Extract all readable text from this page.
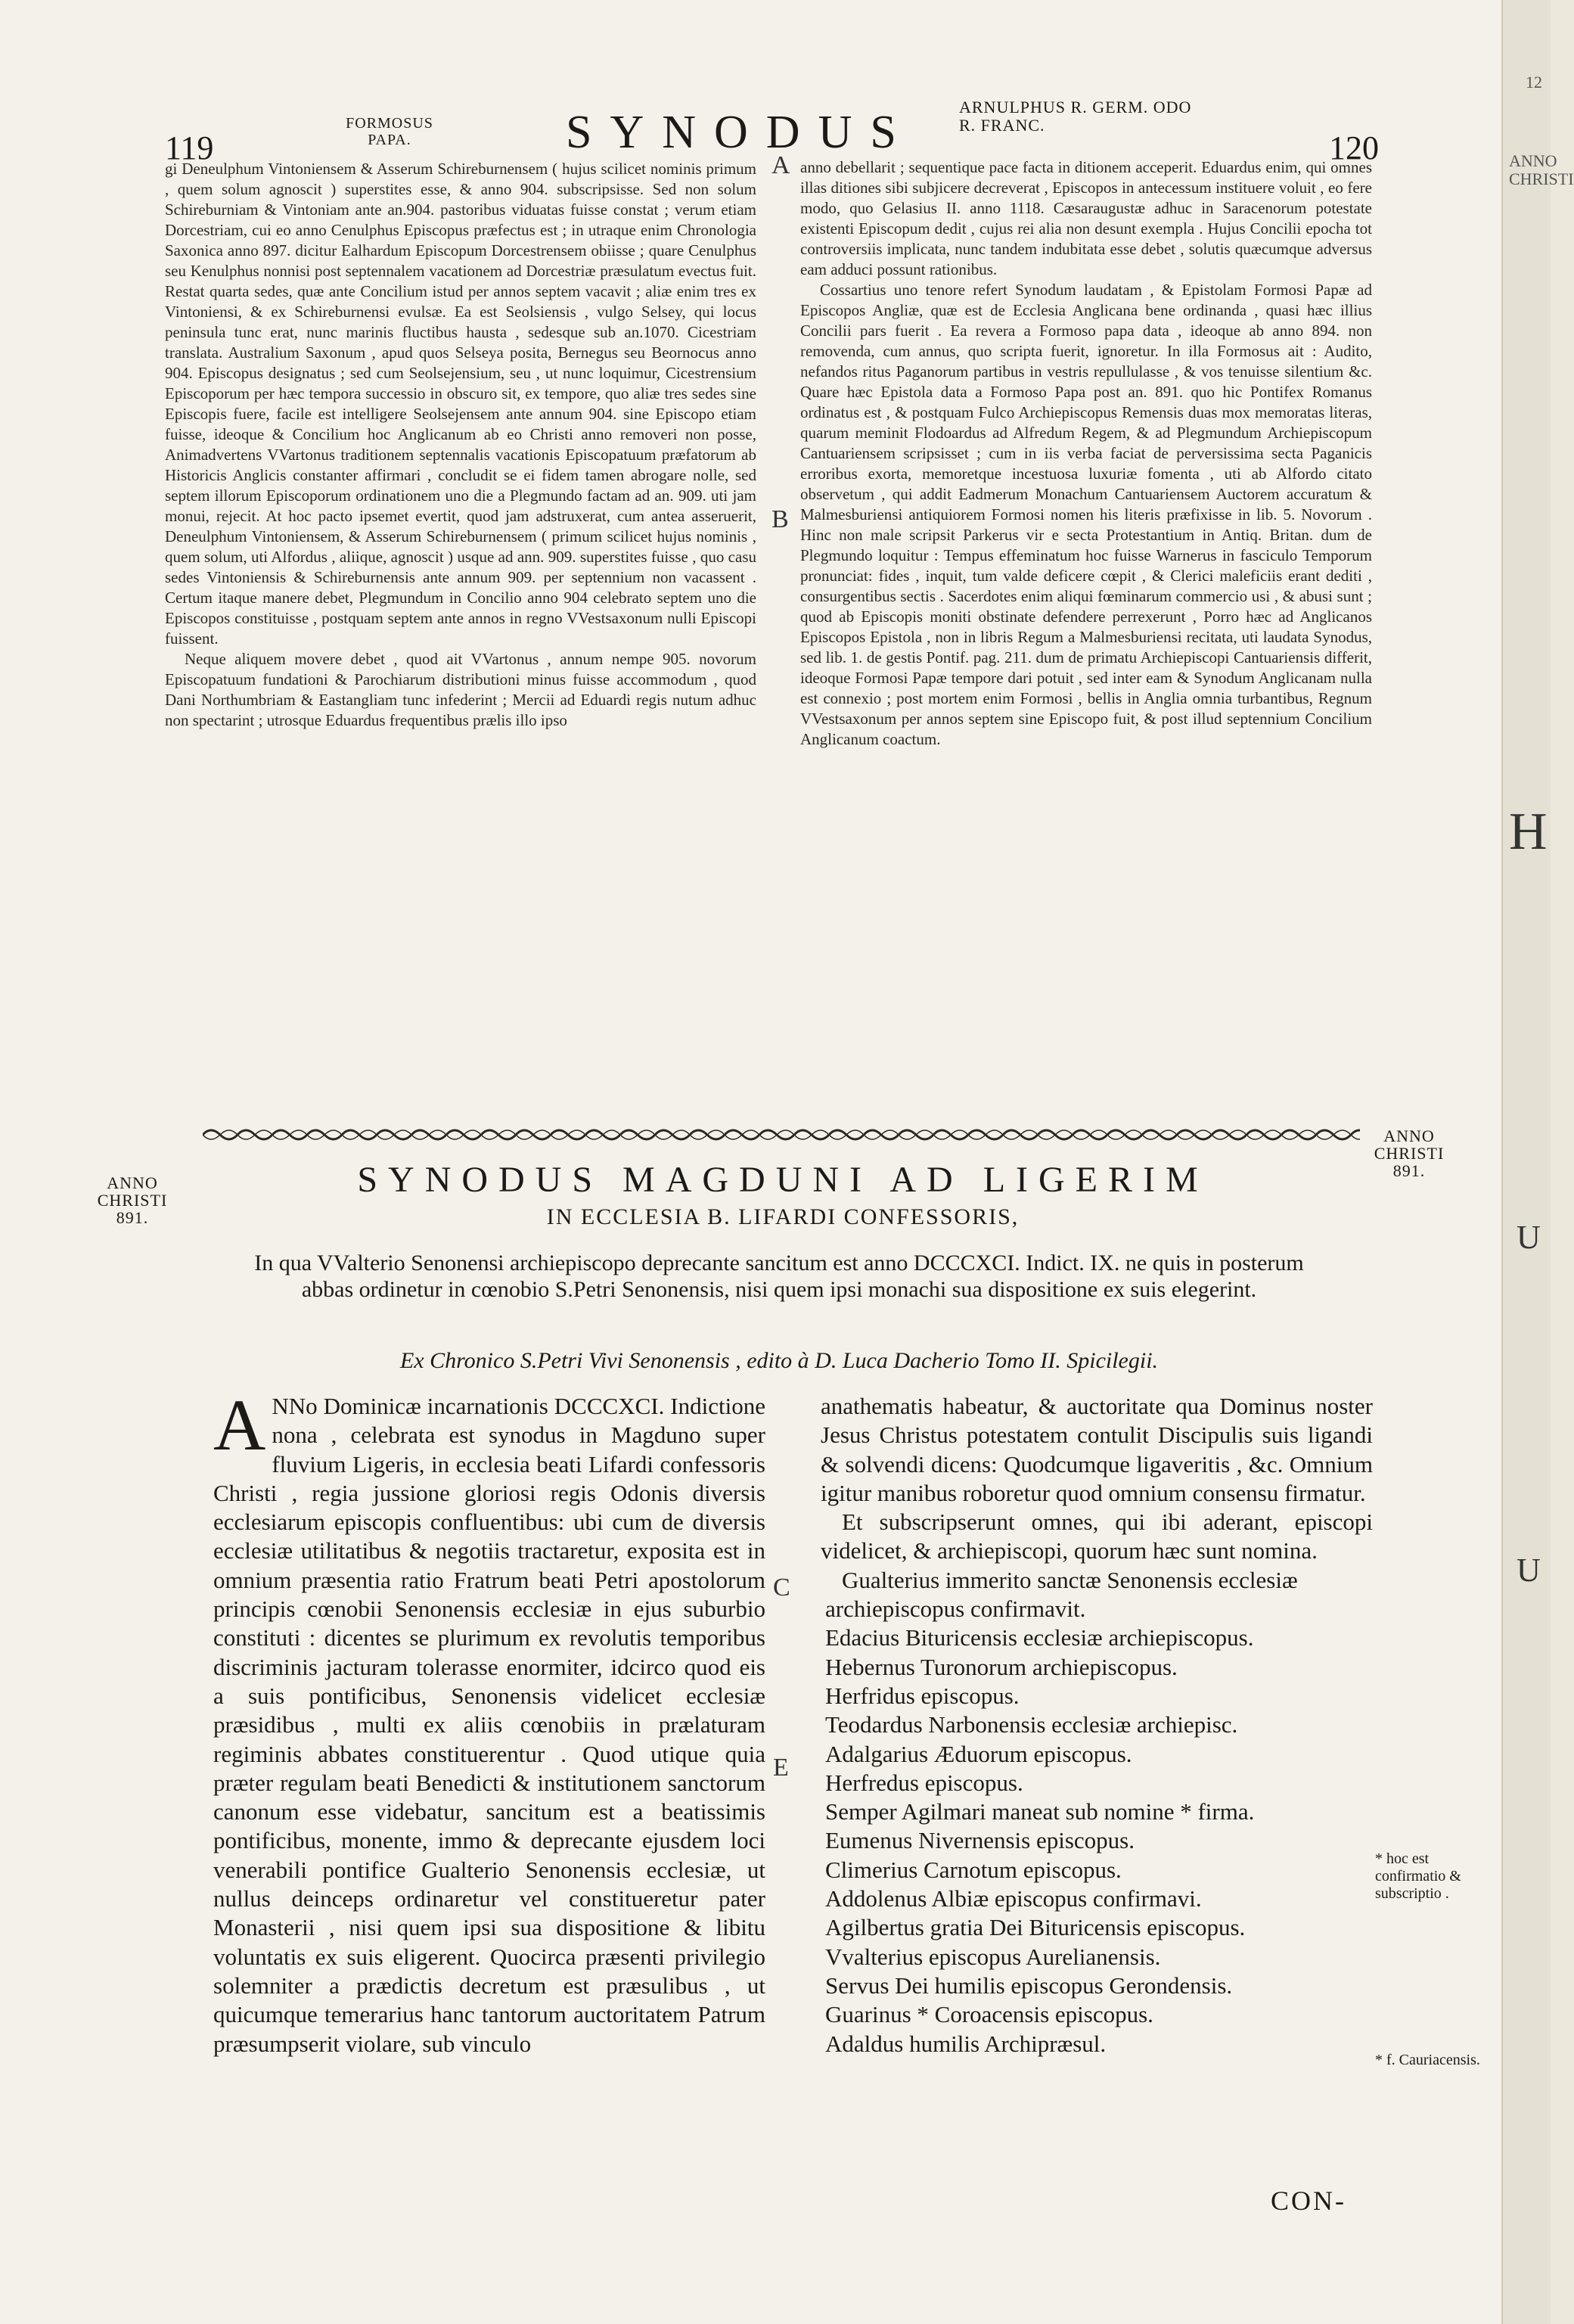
119
FORMOSUS PAPA.	SYNODUS	ARNULPHUS R. GERM. ODO R. FRANC.
120

gi Deneulphum Vintoniensem & Asserum Schireburnensem ( hujus scilicet nominis primum , quem solum agnoscit ) superstites esse, & anno 904. subscripsisse. Sed non solum Schireburniam & Vintoniam ante an.904. pastoribus viduatas fuisse constat ; verum etiam Dorcestriam, cui eo anno Cenulphus Episcopus præfectus est ; in utraque enim Chronologia Saxonica anno 897. dicitur Ealhardum Episcopum Dorcestrensem obiisse ; quare Cenulphus seu Kenulphus nonnisi post septennalem vacationem ad Dorcestriæ præsulatum evectus fuit. Restat quarta sedes, quæ ante Concilium istud per annos septem vacavit ; aliæ enim tres ex Vintoniensi, & ex Schireburnensi evulsæ. Ea est Seolsiensis , vulgo Selsey, qui locus peninsula tunc erat, nunc marinis fluctibus hausta , sedesque sub an.1070. Cicestriam translata. Australium Saxonum , apud quos Selseya posita, Bernegus seu Beornocus anno 904. Episcopus designatus ; sed cum Seolsejensium, seu , ut nunc loquimur, Cicestrensium Episcoporum per hæc tempora successio in obscuro sit, ex tempore, quo aliæ tres sedes sine Episcopis fuere, facile est intelligere Seolsejensem ante annum 904. sine Episcopo etiam fuisse, ideoque & Concilium hoc Anglicanum ab eo Christi anno removeri non posse, Animadvertens VVartonus traditionem septennalis vacationis Episcopatuum præfatorum ab Historicis Anglicis constanter affirmari , concludit se ei fidem tamen abrogare nolle, sed septem illorum Episcoporum ordinationem uno die a Plegmundo factam ad an. 909. uti jam monui, rejecit. At hoc pacto ipsemet evertit, quod jam adstruxerat, cum antea asseruerit, Deneulphum Vintoniensem, & Asserum Schireburnensem ( primum scilicet hujus nominis , quem solum, uti Alfordus , aliique, agnoscit ) usque ad ann. 909. superstites fuisse , quo casu sedes Vintoniensis & Schireburnensis ante annum 909. per septennium non vacassent . Certum itaque manere debet, Plegmundum in Concilio anno 904 celebrato septem uno die Episcopos constituisse , postquam septem ante annos in regno VVestsaxonum nulli Episcopi fuissent.

Neque aliquem movere debet , quod ait VVartonus , annum nempe 905. novorum Episcopatuum fundationi & Parochiarum distributioni minus fuisse accommodum , quod Dani Northumbriam & Eastangliam tunc infederint ; Mercii ad Eduardi regis nutum adhuc non spectarint ; utrosque Eduardus frequentibus prælis illo ipso

anno debellarit ; sequentique pace facta in ditionem acceperit. Eduardus enim, qui omnes illas ditiones sibi subjicere decreverat , Episcopos in antecessum instituere voluit , eo fere modo, quo Gelasius II. anno 1118. Cæsaraugustæ adhuc in Saracenorum potestate existenti Episcopum dedit , cujus rei alia non desunt exempla . Hujus Concilii epocha tot controversiis implicata, nunc tandem indubitata esse debet , solutis quæcumque adversus eam adduci possunt rationibus.

Cossartius uno tenore refert Synodum laudatam , & Epistolam Formosi Papæ ad Episcopos Angliæ, quæ est de Ecclesia Anglicana bene ordinanda , quasi hæc illius Concilii pars fuerit . Ea revera a Formoso papa data , ideoque ab anno 894. non removenda, cum annus, quo scripta fuerit, ignoretur. In illa Formosus ait : Audito, nefandos ritus Paganorum partibus in vestris repullulasse , & vos tenuisse silentium &c. Quare hæc Epistola data a Formoso Papa post an. 891. quo hic Pontifex Romanus ordinatus est , & postquam Fulco Archiepiscopus Remensis duas mox memoratas literas, quarum meminit Flodoardus ad Alfredum Regem, & ad Plegmundum Archiepiscopum Cantuariensem scripsisset ; cum in iis verba faciat de perversissima secta Paganicis erroribus exorta, memoretque incestuosa luxuriæ fomenta , uti ab Alfordo citato observetum , qui addit Eadmerum Monachum Cantuariensem Auctorem accuratum & Malmesburiensi antiquiorem Formosi nomen his literis præfixisse in lib. 5. Novorum . Hinc non male scripsit Parkerus vir e secta Protestantium in Antiq. Britan. dum de Plegmundo loquitur : Tempus effeminatum hoc fuisse Warnerus in fasciculo Temporum pronunciat: fides , inquit, tum valde deficere cœpit , & Clerici maleficiis erant dediti , consurgentibus sectis . Sacerdotes enim aliqui fœminarum commercio usi , & abusi sunt ; quod ab Episcopis moniti obstinate defendere perrexerunt , Porro hæc ad Anglicanos Episcopos Epistola , non in libris Regum a Malmesburiensi recitata, uti laudata Synodus, sed lib. 1. de gestis Pontif. pag. 211. dum de primatu Archiepiscopi Cantuariensis differit, ideoque Formosi Papæ tempore dari potuit , sed inter eam & Synodum Anglicanam nulla est connexio ; post mortem enim Formosi , bellis in Anglia omnia turbantibus, Regnum VVestsaxonum per annos septem sine Episcopo fuit, & post illud septennium Concilium Anglicanum coactum.

A
B
C
E
ANNO CHRISTI 891.
ANNO CHRISTI 891.
SYNODUS MAGDUNI AD LIGERIM
IN ECCLESIA B. LIFARDI CONFESSORIS,
In qua VValterio Senonensi archiepiscopo deprecante sancitum est anno DCCCXCI. Indict. IX. ne quis in posterum abbas ordinetur in cœnobio S.Petri Senonensis, nisi quem ipsi monachi sua dispositione ex suis elegerint.
Ex Chronico S.Petri Vivi Senonensis , edito à D. Luca Dacherio Tomo II. Spicilegii.
A NNo Dominicæ incarnationis DCCCXCI. Indictione nona , celebrata est synodus in Magduno super fluvium Ligeris, in ecclesia beati Lifardi confessoris Christi , regia jussione gloriosi regis Odonis diversis ecclesiarum episcopis confluentibus: ubi cum de diversis ecclesiæ utilitatibus & negotiis tractaretur, exposita est in omnium præsentia ratio Fratrum beati Petri apostolorum principis cœnobii Senonensis ecclesiæ in ejus suburbio constituti : dicentes se plurimum ex revolutis temporibus discriminis jacturam tolerasse enormiter, idcirco quod eis a suis pontificibus, Senonensis videlicet ecclesiæ præsidibus , multi ex aliis cœnobiis in prælaturam regiminis abbates constituerentur . Quod utique quia præter regulam beati Benedicti & institutionem sanctorum canonum esse videbatur, sancitum est a beatissimis pontificibus, monente, immo & deprecante ejusdem loci venerabili pontifice Gualterio Senonensis ecclesiæ, ut nullus deinceps ordinaretur vel constitueretur pater Monasterii , nisi quem ipsi sua dispositione & libitu voluntatis ex suis eligerent. Quocirca præsenti privilegio solemniter a prædictis decretum est præsulibus , ut quicumque temerarius hanc tantorum auctoritatem Patrum præsumpserit violare, sub vinculo

anathematis habeatur, & auctoritate qua Dominus noster Jesus Christus potestatem contulit Discipulis suis ligandi & solvendi dicens: Quodcumque ligaveritis , &c. Omnium igitur manibus roboretur quod omnium consensu firmatur.

Et subscripserunt omnes, qui ibi aderant, episcopi videlicet, & archiepiscopi, quorum hæc sunt nomina.

Gualterius immerito sanctæ Senonensis ecclesiæ archiepiscopus confirmavit.
Edacius Bituricensis ecclesiæ archiepiscopus.
Hebernus Turonorum archiepiscopus.
Herfridus episcopus.
Teodardus Narbonensis ecclesiæ archiepisc.
Adalgarius Æduorum episcopus.
Herfredus episcopus.
Semper Agilmari maneat sub nomine * firma.
Eumenus Nivernensis episcopus.
Climerius Carnotum episcopus.
Addolenus Albiæ episcopus confirmavi.
Agilbertus gratia Dei Bituricensis episcopus.
Vvalterius episcopus Aurelianensis.
Servus Dei humilis episcopus Gerondensis.
Guarinus * Coroacensis episcopus.
Adaldus humilis Archipræsul.
* hoc est confirmatio & subscriptio .
* f. Cauriacensis.
CON-
12
ANNO
CHRISTI
H
U
U
